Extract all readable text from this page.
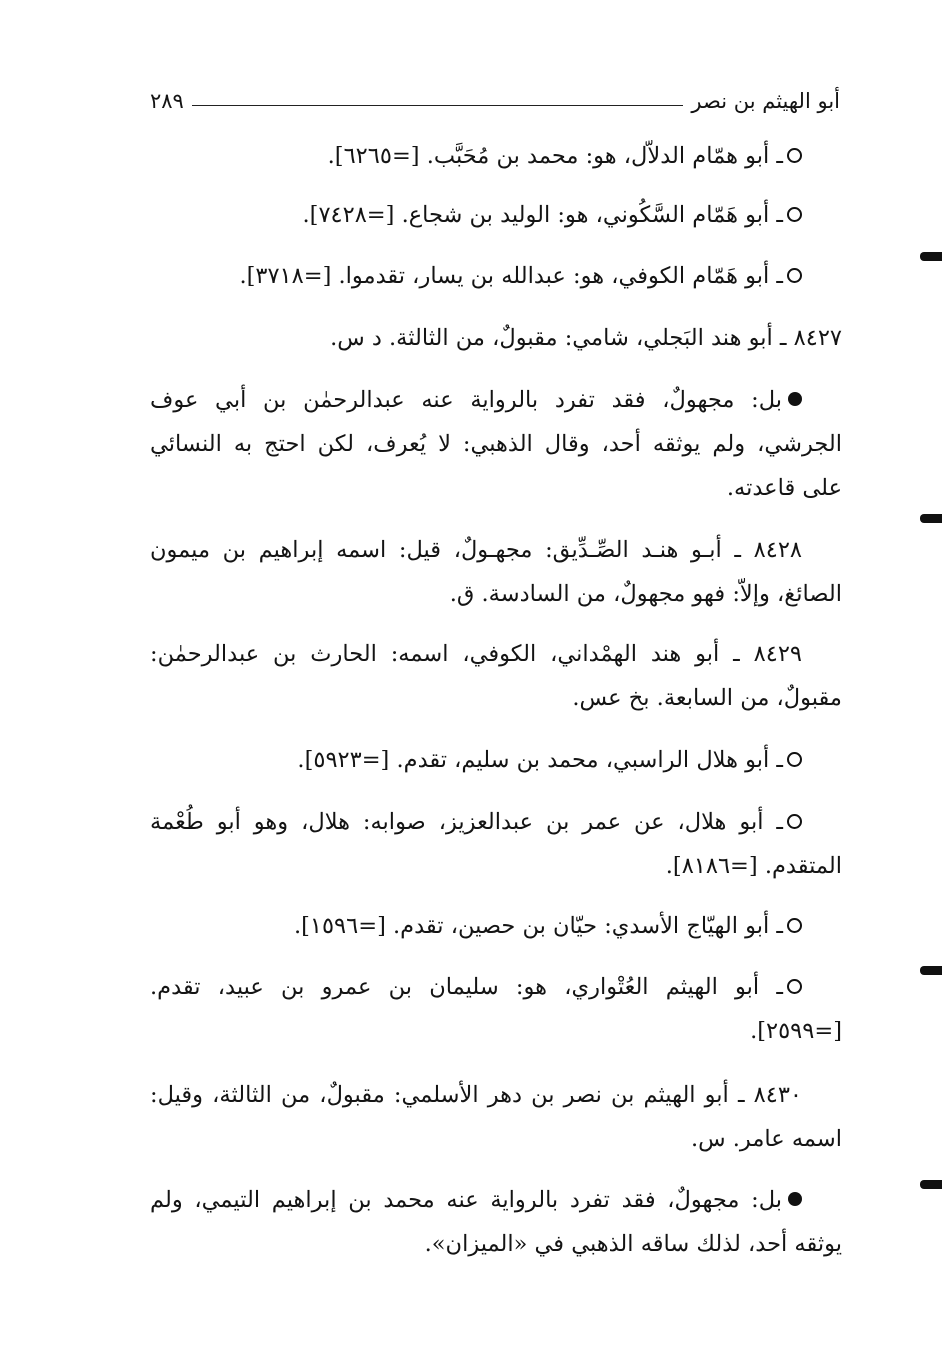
أبو الهيثم بن نصر
٢٨٩
ـ أبو همّام الدلاّل، هو: محمد بن مُحَبَّب. [=٦٢٦٥].
ـ أبو هَمّام السَّكُوني، هو: الوليد بن شجاع. [=٧٤٢٨].
ـ أبو هَمّام الكوفي، هو: عبدالله بن يسار، تقدموا. [=٣٧١٨].
٨٤٢٧ ـ أبو هند البَجلي، شامي: مقبولٌ، من الثالثة. د س.
بل: مجهولٌ، فقد تفرد بالرواية عنه عبدالرحمٰن بن أبي عوف
الجرشي، ولم يوثقه أحد، وقال الذهبي: لا يُعرف، لكن احتج به النسائي
على قاعدته.
٨٤٢٨ ـ أبـو هنـد الصِّـدِّيق: مجهـولٌ، قيل: اسمه إبراهيم بن ميمون
الصائغ، وإلاّ: فهو مجهولٌ، من السادسة. ق.
٨٤٢٩ ـ أبو هند الهمْداني، الكوفي، اسمه: الحارث بن عبدالرحمٰن:
مقبولٌ، من السابعة. بخ عس.
ـ أبو هلال الراسبي، محمد بن سليم، تقدم. [=٥٩٢٣].
ـ أبو هلال، عن عمر بن عبدالعزيز، صوابه: هلال، وهو أبو طُعْمة
المتقدم. [=٨١٨٦].
ـ أبو الهيّاج الأسدي: حيّان بن حصين، تقدم. [=١٥٩٦].
ـ أبو الهيثم العُتْواري، هو: سليمان بن عمرو بن عبيد، تقدم.
[=٢٥٩٩].
٨٤٣٠ ـ أبو الهيثم بن نصر بن دهر الأسلمي: مقبولٌ، من الثالثة، وقيل:
اسمه عامر. س.
بل: مجهولٌ، فقد تفرد بالرواية عنه محمد بن إبراهيم التيمي، ولم
يوثقه أحد، لذلك ساقه الذهبي في «الميزان».
